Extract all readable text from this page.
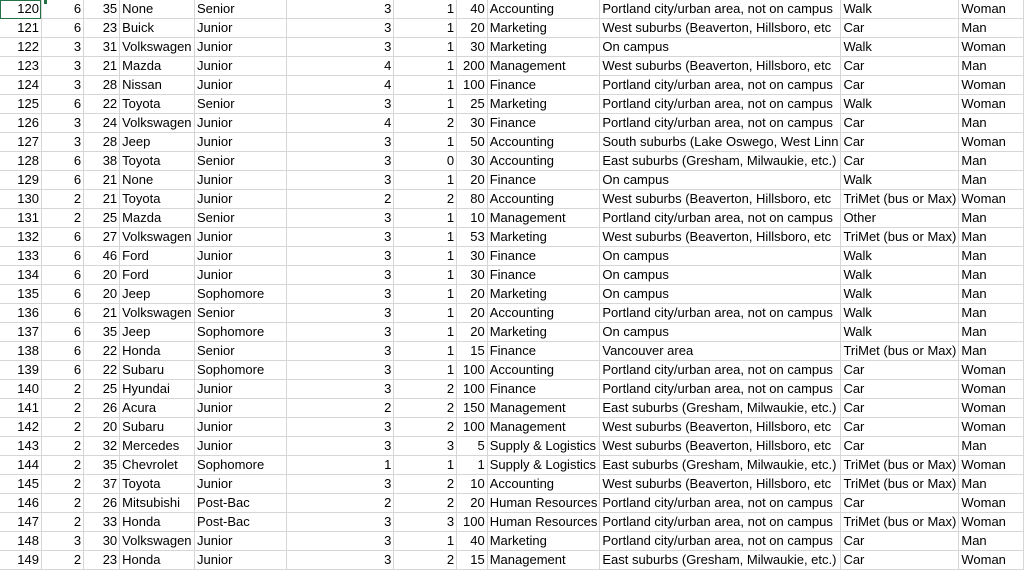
120	6	35	None	Senior	3	1	40	Accounting	Portland city/urban area, not on campus	Walk	Woman
121	6	23	Buick	Junior	3	1	20	Marketing	West suburbs (Beaverton, Hillsboro, etc	Car	Man
122	3	31	Volkswagen	Junior	3	1	30	Marketing	On campus	Walk	Woman
123	3	21	Mazda	Junior	4	1	200	Management	West suburbs (Beaverton, Hillsboro, etc	Car	Man
124	3	28	Nissan	Junior	4	1	100	Finance	Portland city/urban area, not on campus	Car	Woman
125	6	22	Toyota	Senior	3	1	25	Marketing	Portland city/urban area, not on campus	Walk	Woman
126	3	24	Volkswagen	Junior	4	2	30	Finance	Portland city/urban area, not on campus	Car	Man
127	3	28	Jeep	Junior	3	1	50	Accounting	South suburbs (Lake Oswego, West Linn	Car	Woman
128	6	38	Toyota	Senior	3	0	30	Accounting	East suburbs (Gresham, Milwaukie, etc.)	Car	Man
129	6	21	None	Junior	3	1	20	Finance	On campus	Walk	Man
130	2	21	Toyota	Junior	2	2	80	Accounting	West suburbs (Beaverton, Hillsboro, etc	TriMet (bus or Max)	Woman
131	2	25	Mazda	Senior	3	1	10	Management	Portland city/urban area, not on campus	Other	Man
132	6	27	Volkswagen	Junior	3	1	53	Marketing	West suburbs (Beaverton, Hillsboro, etc	TriMet (bus or Max)	Man
133	6	46	Ford	Junior	3	1	30	Finance	On campus	Walk	Man
134	6	20	Ford	Junior	3	1	30	Finance	On campus	Walk	Man
135	6	20	Jeep	Sophomore	3	1	20	Marketing	On campus	Walk	Man
136	6	21	Volkswagen	Senior	3	1	20	Accounting	Portland city/urban area, not on campus	Walk	Man
137	6	35	Jeep	Sophomore	3	1	20	Marketing	On campus	Walk	Man
138	6	22	Honda	Senior	3	1	15	Finance	Vancouver area	TriMet (bus or Max)	Man
139	6	22	Subaru	Sophomore	3	1	100	Accounting	Portland city/urban area, not on campus	Car	Woman
140	2	25	Hyundai	Junior	3	2	100	Finance	Portland city/urban area, not on campus	Car	Woman
141	2	26	Acura	Junior	2	2	150	Management	East suburbs (Gresham, Milwaukie, etc.)	Car	Woman
142	2	20	Subaru	Junior	3	2	100	Management	West suburbs (Beaverton, Hillsboro, etc	Car	Woman
143	2	32	Mercedes	Junior	3	3	5	Supply & Logistics	West suburbs (Beaverton, Hillsboro, etc	Car	Man
144	2	35	Chevrolet	Sophomore	1	1	1	Supply & Logistics	East suburbs (Gresham, Milwaukie, etc.)	TriMet (bus or Max)	Woman
145	2	37	Toyota	Junior	3	2	10	Accounting	West suburbs (Beaverton, Hillsboro, etc	TriMet (bus or Max)	Man
146	2	26	Mitsubishi	Post-Bac	2	2	20	Human Resources	Portland city/urban area, not on campus	Car	Woman
147	2	33	Honda	Post-Bac	3	3	100	Human Resources	Portland city/urban area, not on campus	TriMet (bus or Max)	Woman
148	3	30	Volkswagen	Junior	3	1	40	Marketing	Portland city/urban area, not on campus	Car	Man
149	2	23	Honda	Junior	3	2	15	Management	East suburbs (Gresham, Milwaukie, etc.)	Car	Woman
